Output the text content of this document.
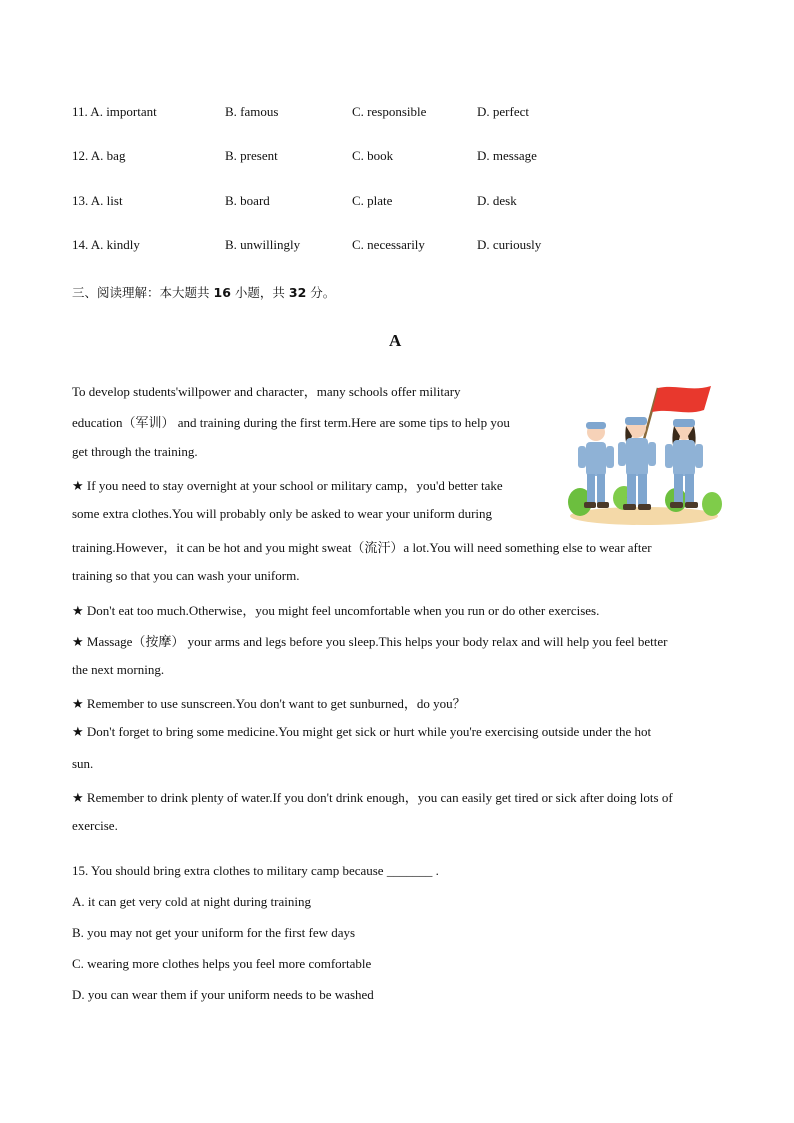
11. A. important	B. famous	C. responsible	D. perfect
12. A. bag	B. present	C. book	D. message
13. A. list	B. board	C. plate	D. desk
14. A. kindly	B. unwillingly	C. necessarily	D. curiously
三、阅读理解：本大题共 16 小题，共 32 分。
A
To develop students'willpower and character，many schools offer military
education（军训） and training during the first term.Here are some tips to help you
get through the training.
★ If you need to stay overnight at your school or military camp，you'd better take
some extra clothes.You will probably only be asked to wear your uniform during
training.However，it can be hot and you might sweat（流汗）a lot.You will need something else to wear after
training so that you can wash your uniform.
★ Don't eat too much.Otherwise，you might feel uncomfortable when you run or do other exercises.
★ Massage（按摩） your arms and legs before you sleep.This helps your body relax and will help you feel better
the next morning.
★ Remember to use sunscreen.You don't want to get sunburned，do you？
★ Don't forget to bring some medicine.You might get sick or hurt while you're exercising outside under the hot
sun.
★ Remember to drink plenty of water.If you don't drink enough，you can easily get tired or sick after doing lots of
exercise.
15. You should bring extra clothes to military camp because _______ .
A. it can get very cold at night during training
B. you may not get your uniform for the first few days
C. wearing more clothes helps you feel more comfortable
D. you can wear them if your uniform needs to be washed
